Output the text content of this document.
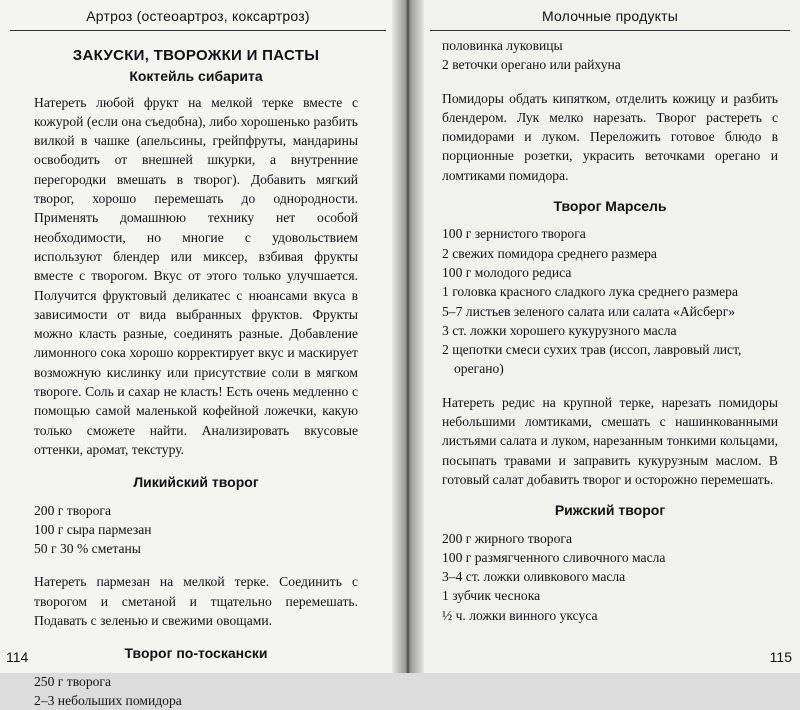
Артроз (остеоартроз, коксартроз)
ЗАКУСКИ, ТВОРОЖКИ И ПАСТЫ
Коктейль сибарита

Натереть любой фрукт на мелкой терке вместе с кожурой (если она съедобна), либо хорошенько разбить вилкой в чашке (апельсины, грейпфруты, мандарины освободить от внешней шкурки, а внутренние перегородки вмешать в творог). Добавить мягкий творог, хорошо перемешать до однородности. Применять домашнюю технику нет особой необходимости, но многие с удовольствием используют блендер или миксер, взбивая фрукты вместе с творогом. Вкус от этого только улучшается. Получится фруктовый деликатес с нюансами вкуса в зависимости от вида выбранных фруктов. Фрукты можно класть разные, соединять разные. Добавление лимонного сока хорошо корректирует вкус и маскирует возможную кислинку или присутствие соли в мягком твороге. Соль и сахар не класть! Есть очень медленно с помощью самой маленькой кофейной ложечки, какую только сможете найти. Анализировать вкусовые оттенки, аромат, текстуру.

Ликийский творог
200 г творога
100 г сыра пармезан
50 г 30 % сметаны

Натереть пармезан на мелкой терке. Соединить с творогом и сметаной и тщательно перемешать. Подавать с зеленью и свежими овощами.

Творог по-тоскански
250 г творога
2–3 небольших помидора
114
Молочные продукты
половинка луковицы
2 веточки орегано или райхуна

Помидоры обдать кипятком, отделить кожицу и разбить блендером. Лук мелко нарезать. Творог растереть с помидорами и луком. Переложить готовое блюдо в порционные розетки, украсить веточками орегано и ломтиками помидора.

Творог Марсель
100 г зернистого творога
2 свежих помидора среднего размера
100 г молодого редиса
1 головка красного сладкого лука среднего размера
5–7 листьев зеленого салата или салата «Айсберг»
3 ст. ложки хорошего кукурузного масла
2 щепотки смеси сухих трав (иссоп, лавровый лист, орегано)

Натереть редис на крупной терке, нарезать помидоры небольшими ломтиками, смешать с нашинкованными листьями салата и луком, нарезанным тонкими кольцами, посыпать травами и заправить кукурузным маслом. В готовый салат добавить творог и осторожно перемешать.

Рижский творог
200 г жирного творога
100 г размягченного сливочного масла
3–4 ст. ложки оливкового масла
1 зубчик чеснока
½ ч. ложки винного уксуса
115
